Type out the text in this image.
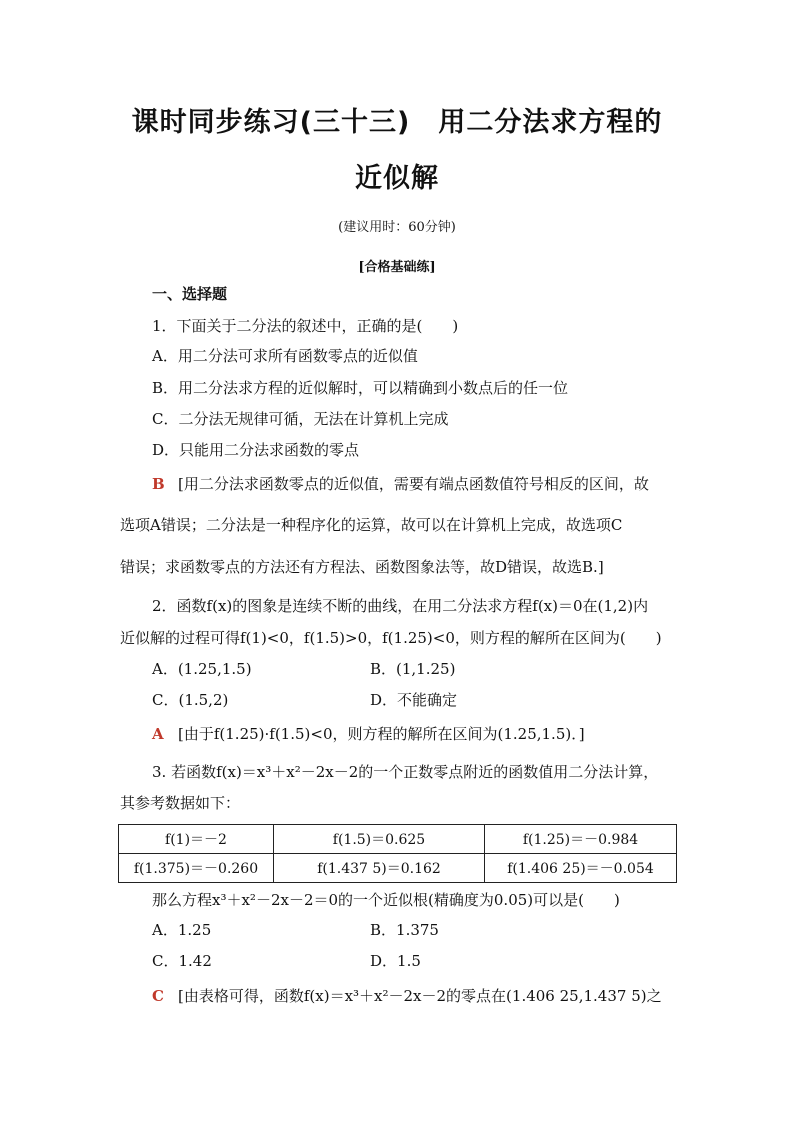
课时同步练习(三十三)　用二分法求方程的
近似解
(建议用时：60分钟)
[合格基础练]
一、选择题
1．下面关于二分法的叙述中，正确的是(　　)
A．用二分法可求所有函数零点的近似值
B．用二分法求方程的近似解时，可以精确到小数点后的任一位
C．二分法无规律可循，无法在计算机上完成
D．只能用二分法求函数的零点
B [用二分法求函数零点的近似值，需要有端点函数值符号相反的区间，故
选项A错误；二分法是一种程序化的运算，故可以在计算机上完成，故选项C
错误；求函数零点的方法还有方程法、函数图象法等，故D错误，故选B.]
2．函数f(x)的图象是连续不断的曲线，在用二分法求方程f(x)＝0在(1,2)内
近似解的过程可得f(1)<0，f(1.5)>0，f(1.25)<0，则方程的解所在区间为(　　)
A．(1.25,1.5)	B．(1,1.25)
C．(1.5,2)	D．不能确定
A [由于f(1.25)·f(1.5)<0，则方程的解所在区间为(1.25,1.5)．]
3. 若函数f(x)＝x³＋x²－2x－2的一个正数零点附近的函数值用二分法计算，
其参考数据如下：
f(1)＝－2	f(1.5)＝0.625	f(1.25)＝－0.984
f(1.375)＝－0.260	f(1.437 5)＝0.162	f(1.406 25)＝－0.054
那么方程x³＋x²－2x－2＝0的一个近似根(精确度为0.05)可以是(　　)
A．1.25	B．1.375
C．1.42	D．1.5
C [由表格可得，函数f(x)＝x³＋x²－2x－2的零点在(1.406 25,1.437 5)之
